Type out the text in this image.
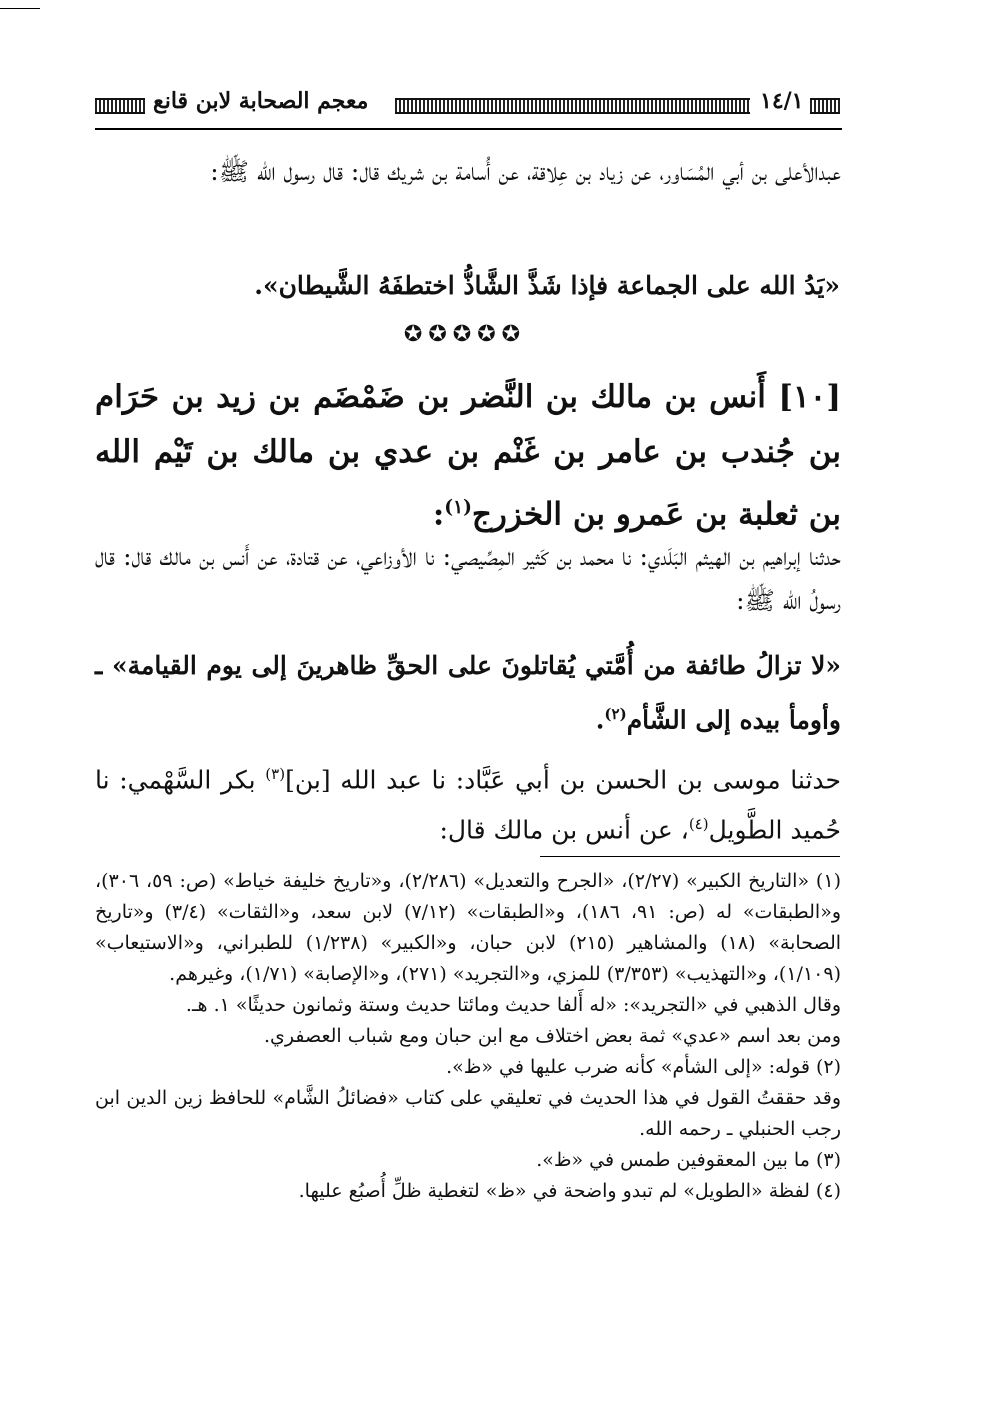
معجم الصحابة لابن قانع	١٤/١
عبدالأعلى بن أبي المُسَاور، عن زياد بن عِلاقة، عن أُسامة بن شريك قال: قال رسول الله ﷺ:
«يَدُ الله على الجماعة فإذا شَذَّ الشَّاذُّ اختطفَهُ الشَّيطان».
✪✪✪✪✪
[١٠] أَنس بن مالك بن النَّضر بن ضَمْضَم بن زيد بن حَرَام بن جُندب بن عامر بن غَنْم بن عدي بن مالك بن تَيْم الله بن ثعلبة بن عَمرو بن الخزرج$^{(١)}$:
حدثنا إبراهيم بن الهيثم البَلَدي: نا محمد بن كَثير المِصِّيصي: نا الأوزاعي، عن قتادة، عن أَنس بن مالك قال: قال رسولُ الله ﷺ:
«لا تزالُ طائفة من أُمَّتي يُقاتلونَ على الحقِّ ظاهرينَ إلى يوم القيامة» ـ وأومأ بيده إلى الشَّأم$^{(٢)}$.
حدثنا موسى بن الحسن بن أبي عَبَّاد: نا عبد الله [بن]$^{(٣)}$ بكر السَّهْمي: نا حُميد الطَّويل$^{(٤)}$، عن أنس بن مالك قال:

(١) «التاريخ الكبير» (٢/٢٧)، «الجرح والتعديل» (٢/٢٨٦)، و«تاريخ خليفة خياط» (ص: ٥٩، ٣٠٦)، و«الطبقات» له (ص: ٩١، ١٨٦)، و«الطبقات» (٧/١٢) لابن سعد، و«الثقات» (٣/٤) و«تاريخ الصحابة» (١٨) والمشاهير (٢١٥) لابن حبان، و«الكبير» (١/٢٣٨) للطبراني، و«الاستيعاب» (١/١٠٩)، و«التهذيب» (٣/٣٥٣) للمزي، و«التجريد» (٢٧١)، و«الإصابة» (١/٧١)، وغيرهم.

وقال الذهبي في «التجريد»: «له أَلفا حديث ومائتا حديث وستة وثمانون حديثًا» ١. هـ.

ومن بعد اسم «عدي» ثمة بعض اختلاف مع ابن حبان ومع شباب العصفري.

(٢) قوله: «إلى الشأم» كأنه ضرب عليها في «ظ».

وقد حققتُ القول في هذا الحديث في تعليقي على كتاب «فضائلُ الشَّام» للحافظ زين الدين ابن رجب الحنبلي ـ رحمه الله.

(٣) ما بين المعقوفين طمس في «ظ».

(٤) لفظة «الطويل» لم تبدو واضحة في «ظ» لتغطية ظلِّ أُصبُع عليها.
